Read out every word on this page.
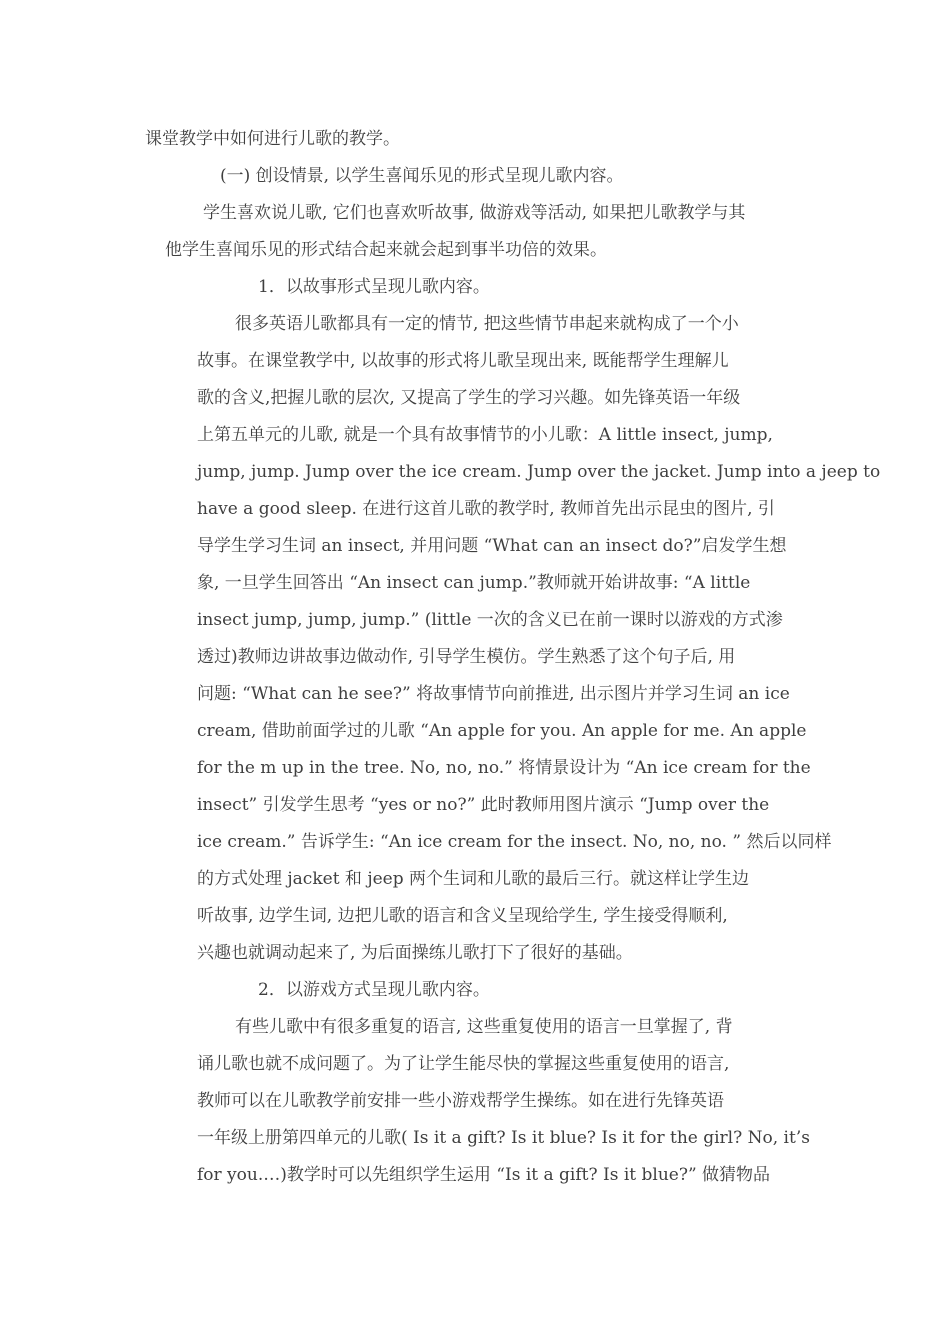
课堂教学中如何进行儿歌的教学。
(一) 创设情景, 以学生喜闻乐见的形式呈现儿歌内容。
学生喜欢说儿歌, 它们也喜欢听故事, 做游戏等活动, 如果把儿歌教学与其
他学生喜闻乐见的形式结合起来就会起到事半功倍的效果。
1．以故事形式呈现儿歌内容。
很多英语儿歌都具有一定的情节, 把这些情节串起来就构成了一个小
故事。在课堂教学中, 以故事的形式将儿歌呈现出来, 既能帮学生理解儿
歌的含义,把握儿歌的层次, 又提高了学生的学习兴趣。如先锋英语一年级
上第五单元的儿歌, 就是一个具有故事情节的小儿歌：A little insect, jump,
jump, jump. Jump over the ice cream. Jump over the jacket. Jump into a jeep to
have a good sleep. 在进行这首儿歌的教学时, 教师首先出示昆虫的图片, 引
导学生学习生词 an insect, 并用问题 “What can an insect do?”启发学生想
象, 一旦学生回答出 “An insect can jump.”教师就开始讲故事: “A little
insect jump, jump, jump.” (little 一次的含义已在前一课时以游戏的方式渗
透过)教师边讲故事边做动作, 引导学生模仿。学生熟悉了这个句子后, 用
问题: “What can he see?” 将故事情节向前推进, 出示图片并学习生词 an ice
cream, 借助前面学过的儿歌 “An apple for you. An apple for me. An apple
for the m up in the tree. No, no, no.” 将情景设计为 “An ice cream for the
insect” 引发学生思考 “yes or no?” 此时教师用图片演示 “Jump over the
ice cream.” 告诉学生: “An ice cream for the insect. No, no, no. ” 然后以同样
的方式处理 jacket 和 jeep 两个生词和儿歌的最后三行。就这样让学生边
听故事, 边学生词, 边把儿歌的语言和含义呈现给学生, 学生接受得顺利,
兴趣也就调动起来了, 为后面操练儿歌打下了很好的基础。
2．以游戏方式呈现儿歌内容。
有些儿歌中有很多重复的语言, 这些重复使用的语言一旦掌握了, 背
诵儿歌也就不成问题了。为了让学生能尽快的掌握这些重复使用的语言,
教师可以在儿歌教学前安排一些小游戏帮学生操练。如在进行先锋英语
一年级上册第四单元的儿歌( Is it a gift? Is it blue? Is it for the girl? No, it’s
for you.…)教学时可以先组织学生运用 “Is it a gift? Is it blue?” 做猜物品
